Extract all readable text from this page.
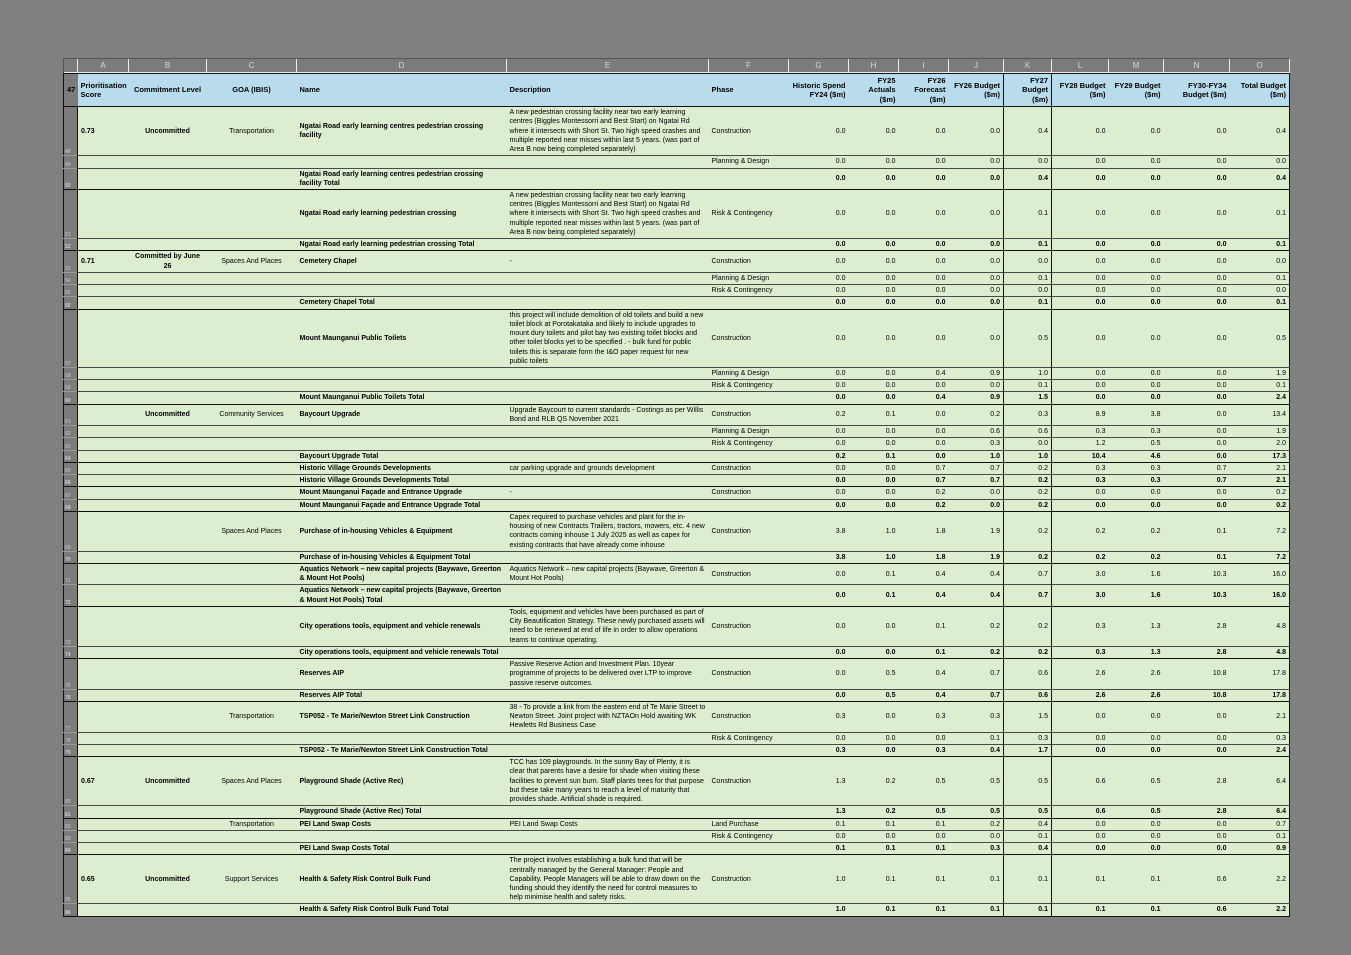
A	B	C	D	E	F	G	H	I	J	K	L	M	N	O
47	Prioritisation Score	Commitment Level	GOA (IBIS)	Name	Description	Phase	Historic Spend FY24 ($m)	FY25 Actuals ($m)	FY26 Forecast ($m)	FY26 Budget ($m)	FY27 Budget ($m)	FY28 Budget ($m)	FY29 Budget ($m)	FY30-FY34 Budget ($m)	Total Budget ($m)
48	0.73	Uncommitted	Transportation	Ngatai Road early learning centres pedestrian crossing facility	A new pedestrian crossing facility near two early learning centres (Biggles Montessorri and Best Start) on Ngatai Rd where it intersects with Short St. Two high speed crashes and multiple reported near misses within last 5 years. (was part of Area B now being completed separately)	Construction	0.0	0.0	0.0	0.0	0.4	0.0	0.0	0.0	0.4
49						Planning & Design	0.0	0.0	0.0	0.0	0.0	0.0	0.0	0.0	0.0
50				Ngatai Road early learning centres pedestrian crossing facility Total			0.0	0.0	0.0	0.0	0.4	0.0	0.0	0.0	0.4
51				Ngatai Road early learning pedestrian crossing	A new pedestrian crossing facility near two early learning centres (Biggles Montessorri and Best Start) on Ngatai Rd where it intersects with Short St. Two high speed crashes and multiple reported near misses within last 5 years. (was part of Area B now being completed separately)	Risk & Contingency	0.0	0.0	0.0	0.0	0.1	0.0	0.0	0.0	0.1
52				Ngatai Road early learning pedestrian crossing Total			0.0	0.0	0.0	0.0	0.1	0.0	0.0	0.0	0.1
53	0.71	Committed by June 26	Spaces And Places	Cemetery Chapel	-	Construction	0.0	0.0	0.0	0.0	0.0	0.0	0.0	0.0	0.0
54						Planning & Design	0.0	0.0	0.0	0.0	0.1	0.0	0.0	0.0	0.1
55						Risk & Contingency	0.0	0.0	0.0	0.0	0.0	0.0	0.0	0.0	0.0
56				Cemetery Chapel Total			0.0	0.0	0.0	0.0	0.1	0.0	0.0	0.0	0.1
57				Mount Maunganui Public Toilets	this project will include demolition of old toilets and build a new toilet block at Porotakataka and likely to include upgrades to mount dury toilets and pilot bay two existing toilet blocks and other toilet blocks yet to be specified . - bulk fund for public toilets this is separate form the I&O paper request for new public toilets	Construction	0.0	0.0	0.0	0.0	0.5	0.0	0.0	0.0	0.5
58						Planning & Design	0.0	0.0	0.4	0.9	1.0	0.0	0.0	0.0	1.9
59						Risk & Contingency	0.0	0.0	0.0	0.0	0.1	0.0	0.0	0.0	0.1
60				Mount Maunganui Public Toilets Total			0.0	0.0	0.4	0.9	1.5	0.0	0.0	0.0	2.4
61		Uncommitted	Community Services	Baycourt Upgrade	Upgrade Baycourt to current standards - Costings as per Willis Bond and RLB QS November 2021	Construction	0.2	0.1	0.0	0.2	0.3	8.9	3.8	0.0	13.4
62						Planning & Design	0.0	0.0	0.0	0.6	0.6	0.3	0.3	0.0	1.9
63						Risk & Contingency	0.0	0.0	0.0	0.3	0.0	1.2	0.5	0.0	2.0
64				Baycourt Upgrade Total			0.2	0.1	0.0	1.0	1.0	10.4	4.6	0.0	17.3
65				Historic Village Grounds Developments	car parking upgrade and grounds development	Construction	0.0	0.0	0.7	0.7	0.2	0.3	0.3	0.7	2.1
66				Historic Village Grounds Developments Total			0.0	0.0	0.7	0.7	0.2	0.3	0.3	0.7	2.1
67				Mount Maunganui Façade and Entrance Upgrade	-	Construction	0.0	0.0	0.2	0.0	0.2	0.0	0.0	0.0	0.2
68				Mount Maunganui Façade and Entrance Upgrade Total			0.0	0.0	0.2	0.0	0.2	0.0	0.0	0.0	0.2
69			Spaces And Places	Purchase of in-housing Vehicles & Equipment	Capex required to purchase vehicles and plant for the in-housing of new Contracts Trailers, tractors, mowers, etc. 4 new contracts coming inhouse 1 July 2025 as well as capex for existing contracts that have already come inhouse	Construction	3.8	1.0	1.8	1.9	0.2	0.2	0.2	0.1	7.2
70				Purchase of in-housing Vehicles & Equipment Total			3.8	1.0	1.8	1.9	0.2	0.2	0.2	0.1	7.2
71				Aquatics Network – new capital projects (Baywave, Greerton & Mount Hot Pools)	Aquatics Network – new capital projects (Baywave, Greerton & Mount Hot Pools)	Construction	0.0	0.1	0.4	0.4	0.7	3.0	1.6	10.3	16.0
72				Aquatics Network – new capital projects (Baywave, Greerton & Mount Hot Pools) Total			0.0	0.1	0.4	0.4	0.7	3.0	1.6	10.3	16.0
73				City operations tools, equipment and vehicle renewals	Tools, equipment and vehicles have been purchased as part of City Beautification Strategy. These newly purchased assets will need to be renewed at end of life in order to allow operations teams to continue operating.	Construction	0.0	0.0	0.1	0.2	0.2	0.3	1.3	2.8	4.8
74				City operations tools, equipment and vehicle renewals Total			0.0	0.0	0.1	0.2	0.2	0.3	1.3	2.8	4.8
75				Reserves AIP	Passive Reserve Action and Investment Plan. 10year programme of projects to be delivered over LTP to improve passive reserve outcomes.	Construction	0.0	0.5	0.4	0.7	0.6	2.6	2.6	10.8	17.8
76				Reserves AIP Total			0.0	0.5	0.4	0.7	0.6	2.6	2.6	10.8	17.8
77			Transportation	TSP052 - Te Marie/Newton Street Link Construction	38 - To provide a link from the eastern end of Te Marie Street to Newton Street. Joint project with NZTAOn Hold awaiting WK Hewletts Rd Business Case	Construction	0.3	0.0	0.3	0.3	1.5	0.0	0.0	0.0	2.1
78						Risk & Contingency	0.0	0.0	0.0	0.1	0.3	0.0	0.0	0.0	0.3
79				TSP052 - Te Marie/Newton Street Link Construction Total			0.3	0.0	0.3	0.4	1.7	0.0	0.0	0.0	2.4
80	0.67	Uncommitted	Spaces And Places	Playground Shade (Active Rec)	TCC has 109 playgrounds. In the sunny Bay of Plenty, it is clear that parents have a desire for shade when visiting these facilities to prevent sun burn. Staff plants trees for that purpose but these take many years to reach a level of maturity that provides shade. Artificial shade is required.	Construction	1.3	0.2	0.5	0.5	0.5	0.6	0.5	2.8	6.4
81				Playground Shade (Active Rec) Total			1.3	0.2	0.5	0.5	0.5	0.6	0.5	2.8	6.4
82			Transportation	PEI Land Swap Costs	PEI Land Swap Costs	Land Purchase	0.1	0.1	0.1	0.2	0.4	0.0	0.0	0.0	0.7
83						Risk & Contingency	0.0	0.0	0.0	0.0	0.1	0.0	0.0	0.0	0.1
84				PEI Land Swap Costs Total			0.1	0.1	0.1	0.3	0.4	0.0	0.0	0.0	0.9
85	0.65	Uncommitted	Support Services	Health & Safety Risk Control Bulk Fund	The project involves establishing a bulk fund that will be centrally managed by the General Manager: People and Capability. People Managers will be able to draw down on the funding should they identify the need for control measures to help minimise health and safety risks.	Construction	1.0	0.1	0.1	0.1	0.1	0.1	0.1	0.6	2.2
86				Health & Safety Risk Control Bulk Fund Total			1.0	0.1	0.1	0.1	0.1	0.1	0.1	0.6	2.2
